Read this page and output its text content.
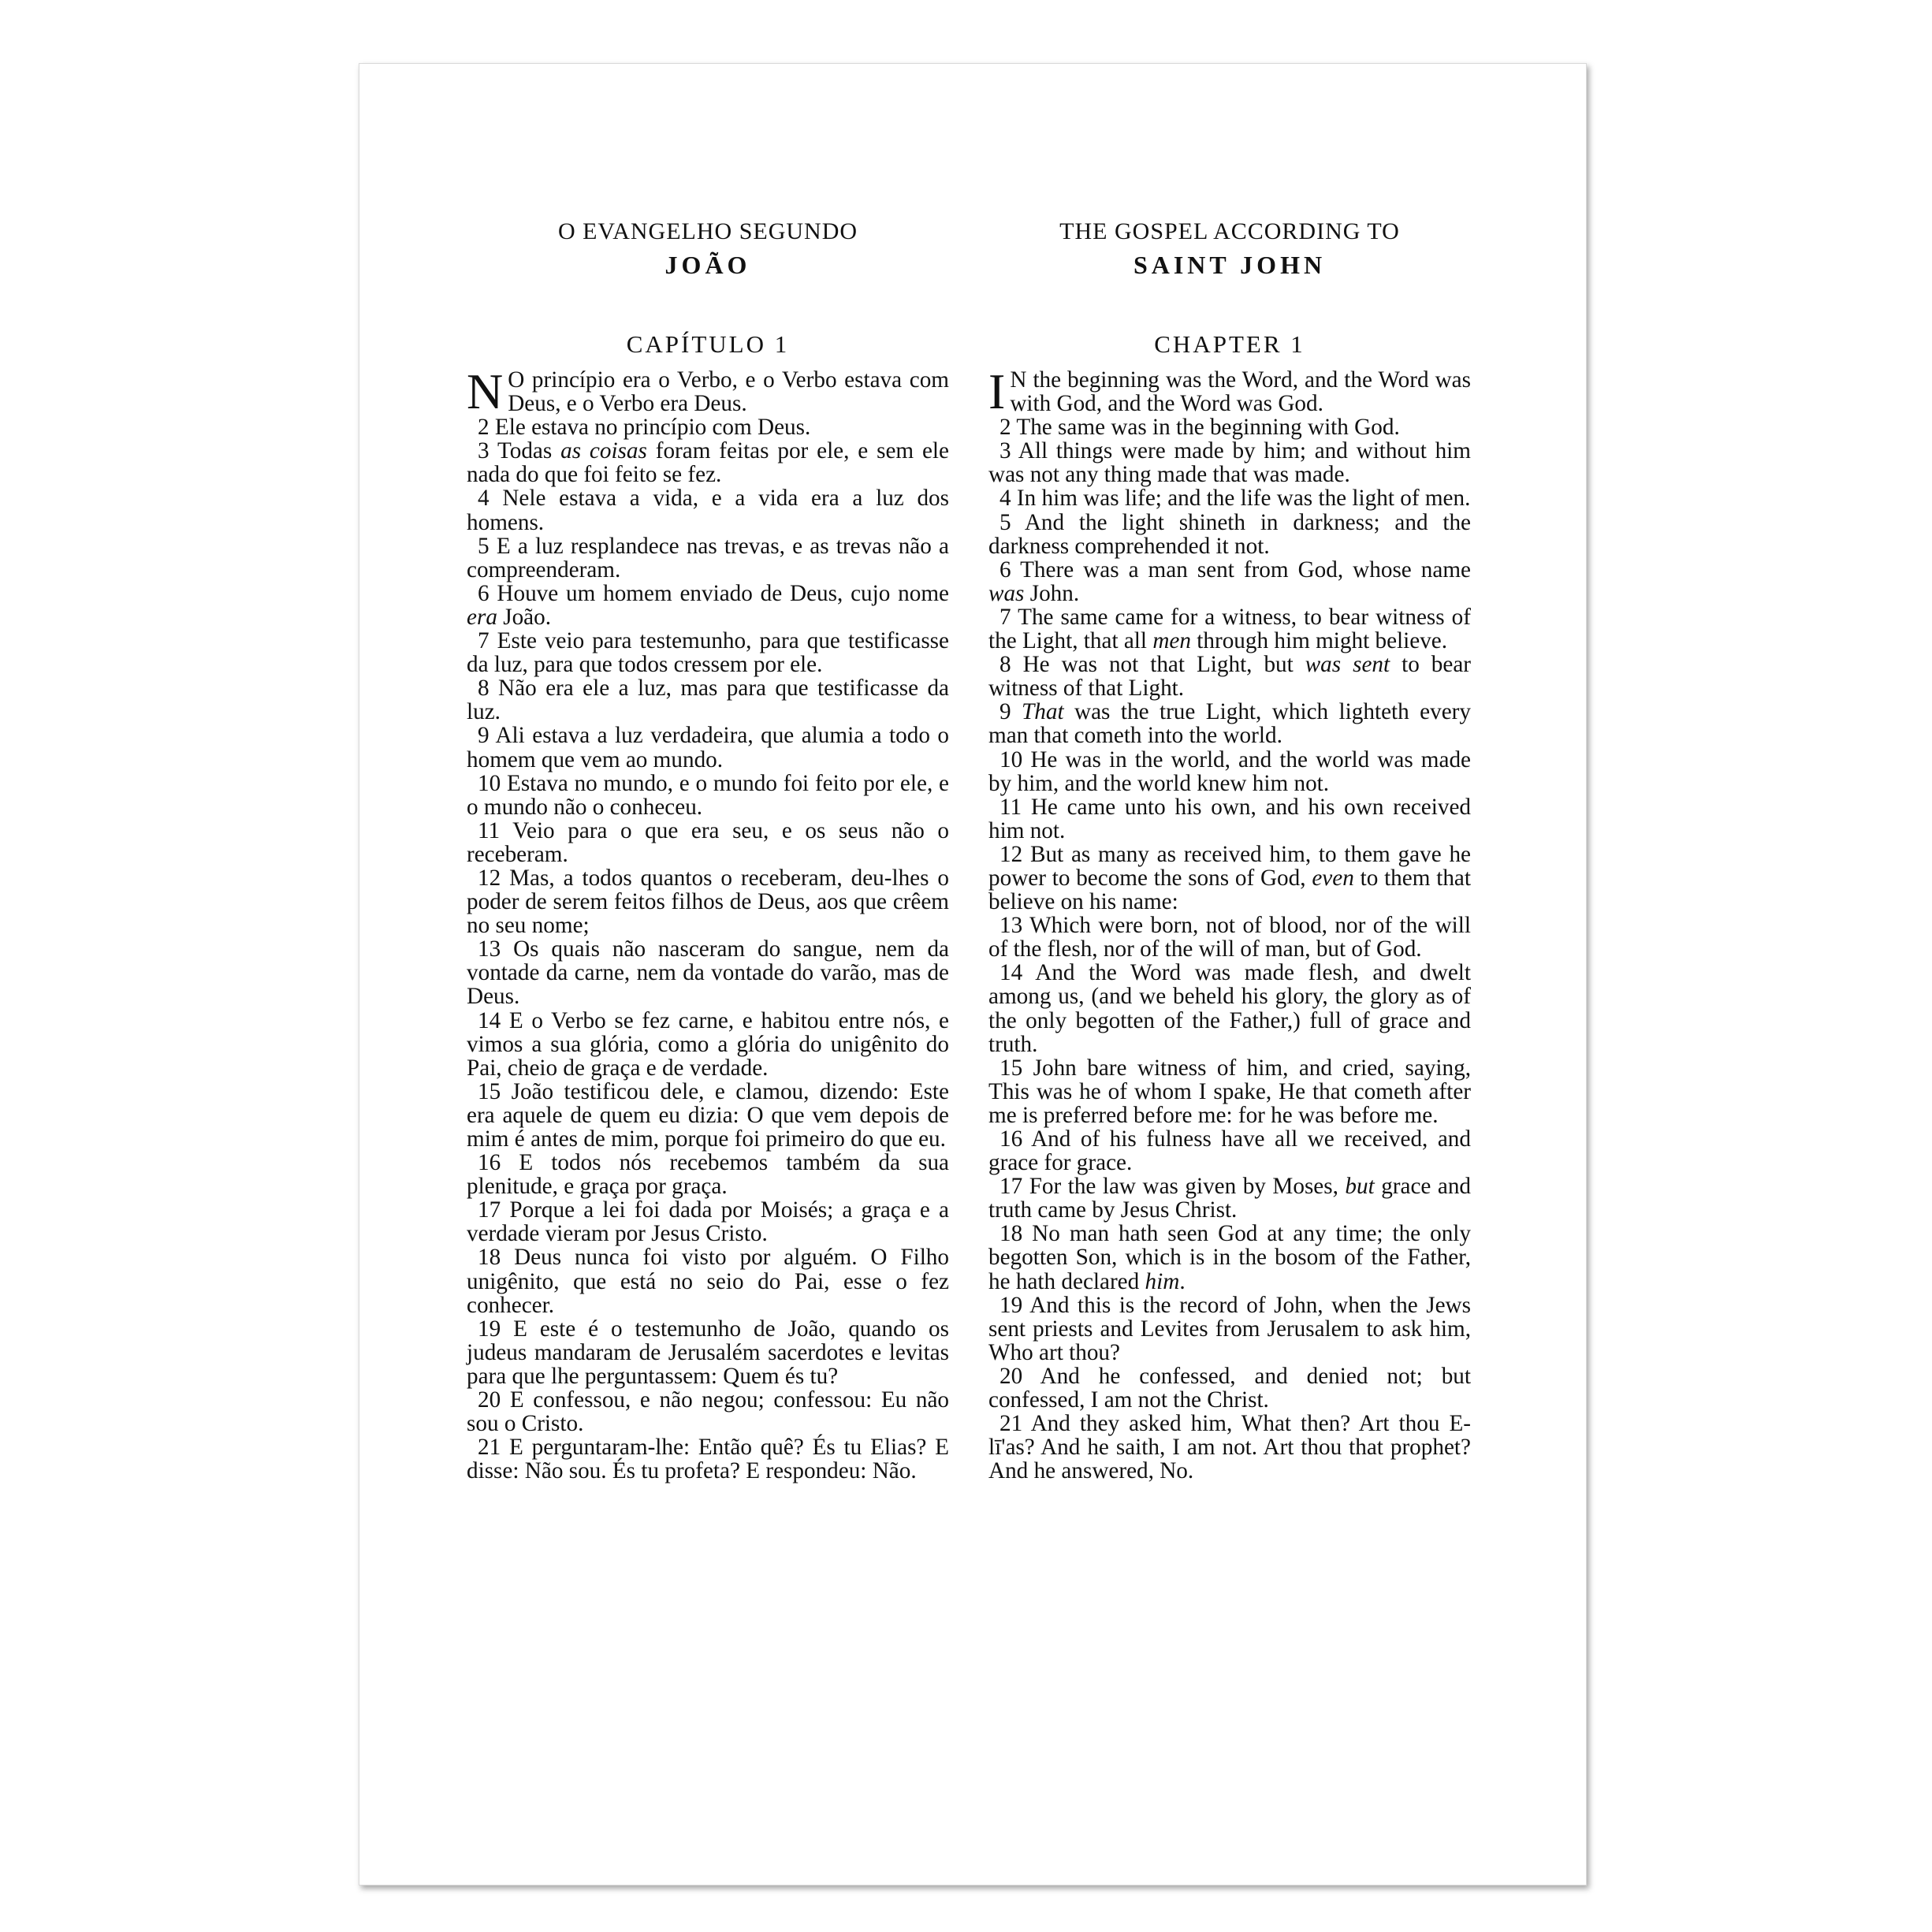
O EVANGELHO SEGUNDO
JOÃO
CAPÍTULO 1

N O princípio era o Verbo, e o Verbo estava com Deus, e o Verbo era Deus.

2 Ele estava no princípio com Deus.

3 Todas as coisas foram feitas por ele, e sem ele nada do que foi feito se fez.

4 Nele estava a vida, e a vida era a luz dos homens.

5 E a luz resplandece nas trevas, e as trevas não a compreenderam.

6 Houve um homem enviado de Deus, cujo nome era João.

7 Este veio para testemunho, para que testificasse da luz, para que todos cressem por ele.

8 Não era ele a luz, mas para que testificasse da luz.

9 Ali estava a luz verdadeira, que alumia a todo o homem que vem ao mundo.

10 Estava no mundo, e o mundo foi feito por ele, e o mundo não o conheceu.

11 Veio para o que era seu, e os seus não o receberam.

12 Mas, a todos quantos o receberam, deu-lhes o poder de serem feitos filhos de Deus, aos que crêem no seu nome;

13 Os quais não nasceram do sangue, nem da vontade da carne, nem da vontade do varão, mas de Deus.

14 E o Verbo se fez carne, e habitou entre nós, e vimos a sua glória, como a glória do unigênito do Pai, cheio de graça e de verdade.

15 João testificou dele, e clamou, dizendo: Este era aquele de quem eu dizia: O que vem depois de mim é antes de mim, porque foi primeiro do que eu.

16 E todos nós recebemos também da sua plenitude, e graça por graça.

17 Porque a lei foi dada por Moisés; a graça e a verdade vieram por Jesus Cristo.

18 Deus nunca foi visto por alguém. O Filho unigênito, que está no seio do Pai, esse o fez conhecer.

19 E este é o testemunho de João, quando os judeus mandaram de Jerusalém sacerdotes e levitas para que lhe perguntassem: Quem és tu?

20 E confessou, e não negou; confessou: Eu não sou o Cristo.

21 E perguntaram-lhe: Então quê? És tu Elias? E disse: Não sou. És tu profeta? E respondeu: Não.

THE GOSPEL ACCORDING TO
SAINT JOHN
CHAPTER 1

I N the beginning was the Word, and the Word was with God, and the Word was God.

2 The same was in the beginning with God.

3 All things were made by him; and without him was not any thing made that was made.

4 In him was life; and the life was the light of men.

5 And the light shineth in darkness; and the darkness comprehended it not.

6 There was a man sent from God, whose name was John.

7 The same came for a witness, to bear witness of the Light, that all men through him might believe.

8 He was not that Light, but was sent to bear witness of that Light.

9 That was the true Light, which lighteth every man that cometh into the world.

10 He was in the world, and the world was made by him, and the world knew him not.

11 He came unto his own, and his own received him not.

12 But as many as received him, to them gave he power to become the sons of God, even to them that believe on his name:

13 Which were born, not of blood, nor of the will of the flesh, nor of the will of man, but of God.

14 And the Word was made flesh, and dwelt among us, (and we beheld his glory, the glory as of the only begotten of the Father,) full of grace and truth.

15 John bare witness of him, and cried, saying, This was he of whom I spake, He that cometh after me is preferred before me: for he was before me.

16 And of his fulness have all we received, and grace for grace.

17 For the law was given by Moses, but grace and truth came by Jesus Christ.

18 No man hath seen God at any time; the only begotten Son, which is in the bosom of the Father, he hath declared him.

19 And this is the record of John, when the Jews sent priests and Levites from Jerusalem to ask him, Who art thou?

20 And he confessed, and denied not; but confessed, I am not the Christ.

21 And they asked him, What then? Art thou E-lī'as? And he saith, I am not. Art thou that prophet? And he answered, No.
